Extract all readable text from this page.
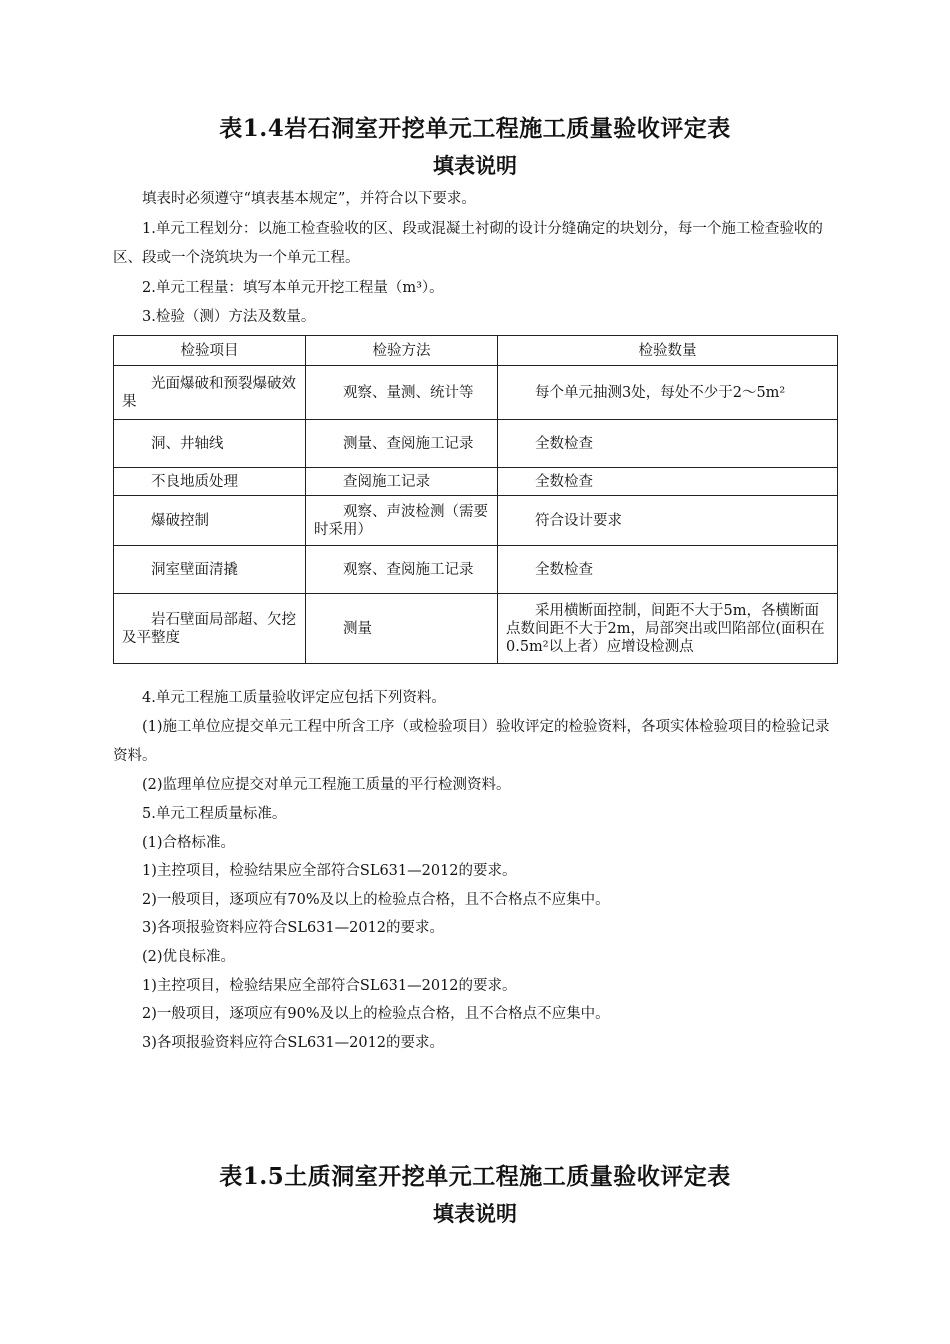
表1.4岩石洞室开挖单元工程施工质量验收评定表
填表说明
填表时必须遵守“填表基本规定”，并符合以下要求。
1.单元工程划分：以施工检查验收的区、段或混凝土衬砌的设计分缝确定的块划分，每一个施工检查验收的区、段或一个浇筑块为一个单元工程。
2.单元工程量：填写本单元开挖工程量（m³）。
3.检验（测）方法及数量。
检验项目	检验方法	检验数量
光面爆破和预裂爆破效果	观察、量测、统计等	每个单元抽测3处，每处不少于2～5m²
洞、井轴线	测量、查阅施工记录	全数检查
不良地质处理	查阅施工记录	全数检查
爆破控制	观察、声波检测（需要时采用）	符合设计要求
洞室壁面清撬	观察、查阅施工记录	全数检查
岩石壁面局部超、欠挖及平整度	测量	采用横断面控制，间距不大于5m，各横断面点数间距不大于2m，局部突出或凹陷部位(面积在0.5m²以上者）应增设检测点
4.单元工程施工质量验收评定应包括下列资料。
(1)施工单位应提交单元工程中所含工序（或检验项目）验收评定的检验资料，各项实体检验项目的检验记录资料。
(2)监理单位应提交对单元工程施工质量的平行检测资料。
5.单元工程质量标准。
(1)合格标准。
1)主控项目，检验结果应全部符合SL631—2012的要求。
2)一般项目，逐项应有70%及以上的检验点合格，且不合格点不应集中。
3)各项报验资料应符合SL631—2012的要求。
(2)优良标准。
1)主控项目，检验结果应全部符合SL631—2012的要求。
2)一般项目，逐项应有90%及以上的检验点合格，且不合格点不应集中。
3)各项报验资料应符合SL631—2012的要求。
表1.5土质洞室开挖单元工程施工质量验收评定表
填表说明
